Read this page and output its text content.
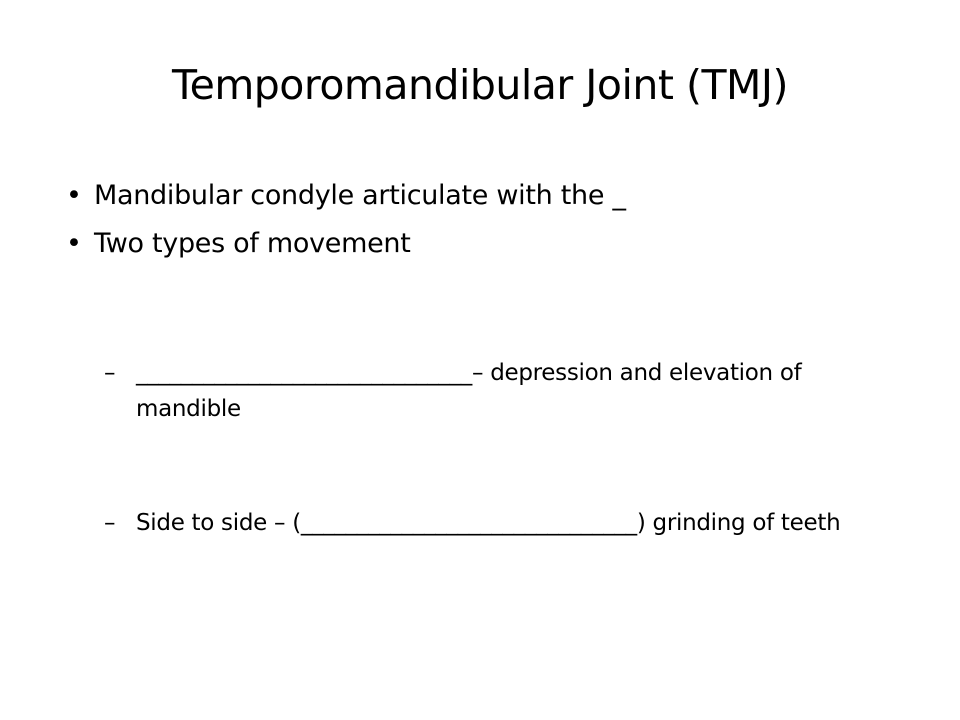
Temporomandibular Joint (TMJ)
• Mandibular condyle articulate with the _
• Two types of movement
– ______________________________– depression and elevation of mandible
– Side to side – (______________________________) grinding of teeth
